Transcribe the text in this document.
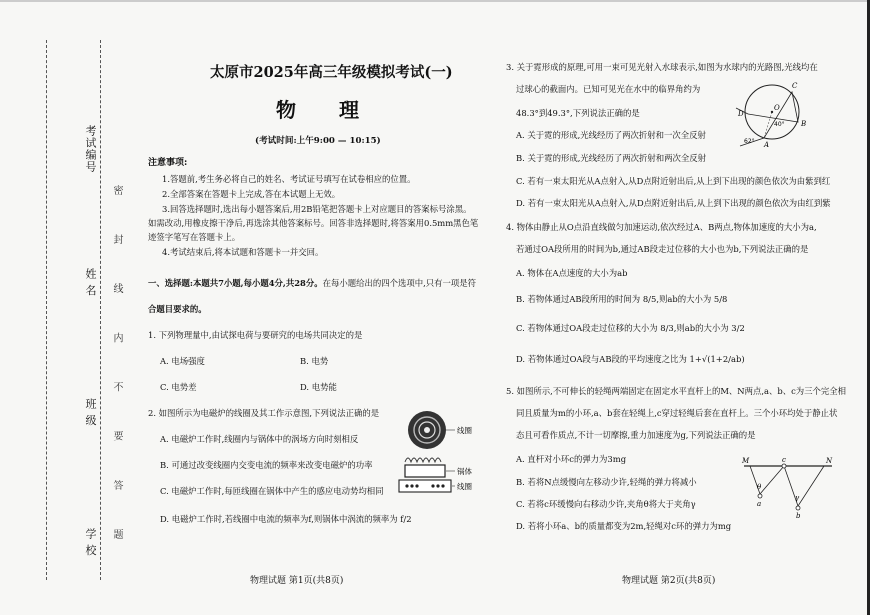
考试编号
姓 名
班 级
学 校 密 封 线 内 不 要 答 题
太原市2025年高三年级模拟考试(一)
物 理
(考试时间:上午9:00 — 10:15)
注意事项:
1.答题前,考生务必将自己的姓名、考试证号填写在试卷相应的位置。
2.全部答案在答题卡上完成,答在本试题上无效。
3.回答选择题时,选出每小题答案后,用2B铅笔把答题卡上对应题目的答案标号涂黑。
如需改动,用橡皮擦干净后,再选涂其他答案标号。回答非选择题时,将答案用0.5mm黑色笔
迹签字笔写在答题卡上。
4.考试结束后,将本试题和答题卡一并交回。
一、选择题:本题共7小题,每小题4分,共28分。在每小题给出的四个选项中,只有一项是符
合题目要求的。
1. 下列物理量中,由试探电荷与要研究的电场共同决定的是
A. 电场强度	B. 电势
C. 电势差	D. 电势能
2. 如图所示为电磁炉的线圈及其工作示意图,下列说法正确的是
A. 电磁炉工作时,线圈内与锅体中的涡场方向时刻相反
B. 可通过改变线圈内交变电流的频率来改变电磁炉的功率
C. 电磁炉工作时,每匝线圈在锅体中产生的感应电动势均相同
D. 电磁炉工作时,若线圈中电流的频率为f,则锅体中涡流的频率为 f/2
线圈
锅体
线圈
物理试题 第1页(共8页)
3. 关于霓形成的原理,可用一束可见光射入水球表示,如图为水球内的光路图,光线均在
过球心的截面内。已知可见光在水中的临界角约为
48.3°到49.3°,下列说法正确的是
A. 关于霓的形成,光线经历了两次折射和一次全反射
B. 关于霓的形成,光线经历了两次折射和两次全反射
C. 若有一束太阳光从A点射入,从D点附近射出后,从上到下出现的颜色依次为由紫到红
D. 若有一束太阳光从A点射入,从D点附近射出后,从上到下出现的颜色依次为由红到紫
C
B
D
O
A
62°
40°
4. 物体由静止从O点沿直线做匀加速运动,依次经过A、B两点,物体加速度的大小为a,
若通过OA段所用的时间为b,通过AB段走过位移的大小也为b,下列说法正确的是
A. 物体在A点速度的大小为ab
B. 若物体通过AB段所用的时间为 8/5,则ab的大小为 5/8
C. 若物体通过OA段走过位移的大小为 8/3,则ab的大小为 3/2
D. 若物体通过OA段与AB段的平均速度之比为 1+√(1+2/ab)
5. 如图所示,不可伸长的轻绳两端固定在固定水平直杆上的M、N两点,a、b、c为三个完全相
同且质量为m的小环,a、b套在轻绳上,c穿过轻绳后套在直杆上。三个小环均处于静止状
态且可看作质点,不计一切摩擦,重力加速度为g,下列说法正确的是
A. 直杆对小环c的弹力为3mg
B. 若将N点缓慢向左移动少许,轻绳的弹力将减小
C. 若将c环缓慢向右移动少许,夹角θ将大于夹角γ
D. 若将小环a、b的质量都变为2m,轻绳对c环的弹力为mg
M	c	N
θ
γ
a
b
物理试题 第2页(共8页)
